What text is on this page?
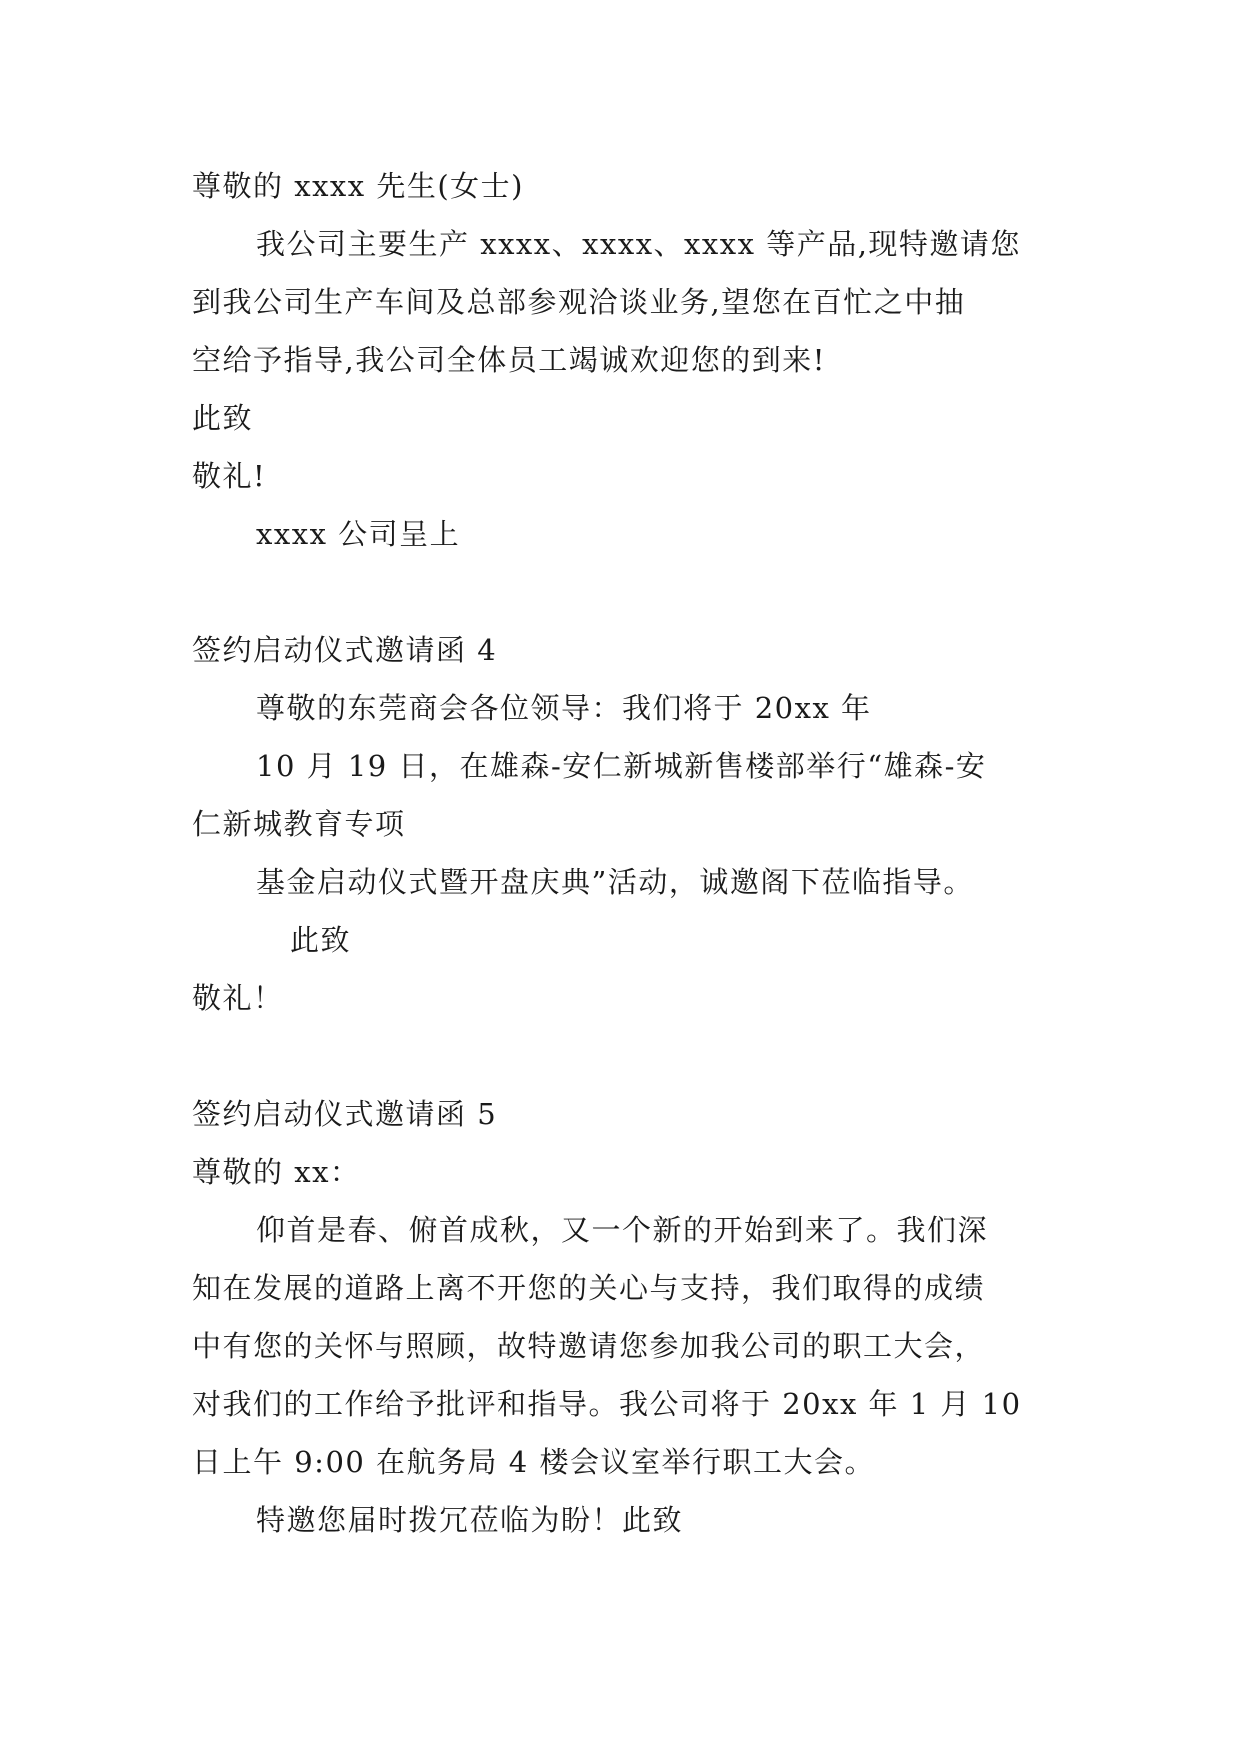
尊敬的 xxxx 先生(女士)
我公司主要生产 xxxx、xxxx、xxxx 等产品,现特邀请您
到我公司生产车间及总部参观洽谈业务,望您在百忙之中抽
空给予指导,我公司全体员工竭诚欢迎您的到来!
此致
敬礼!
xxxx 公司呈上
签约启动仪式邀请函 4
尊敬的东莞商会各位领导：我们将于 20xx 年
10 月 19 日，在雄森-安仁新城新售楼部举行“雄森-安
仁新城教育专项
基金启动仪式暨开盘庆典”活动，诚邀阁下莅临指导。
此致
敬礼！
签约启动仪式邀请函 5
尊敬的 xx：
仰首是春、俯首成秋，又一个新的开始到来了。我们深
知在发展的道路上离不开您的关心与支持，我们取得的成绩
中有您的关怀与照顾，故特邀请您参加我公司的职工大会，
对我们的工作给予批评和指导。我公司将于 20xx 年 1 月 10
日上午 9:00 在航务局 4 楼会议室举行职工大会。
特邀您届时拨冗莅临为盼！此致
